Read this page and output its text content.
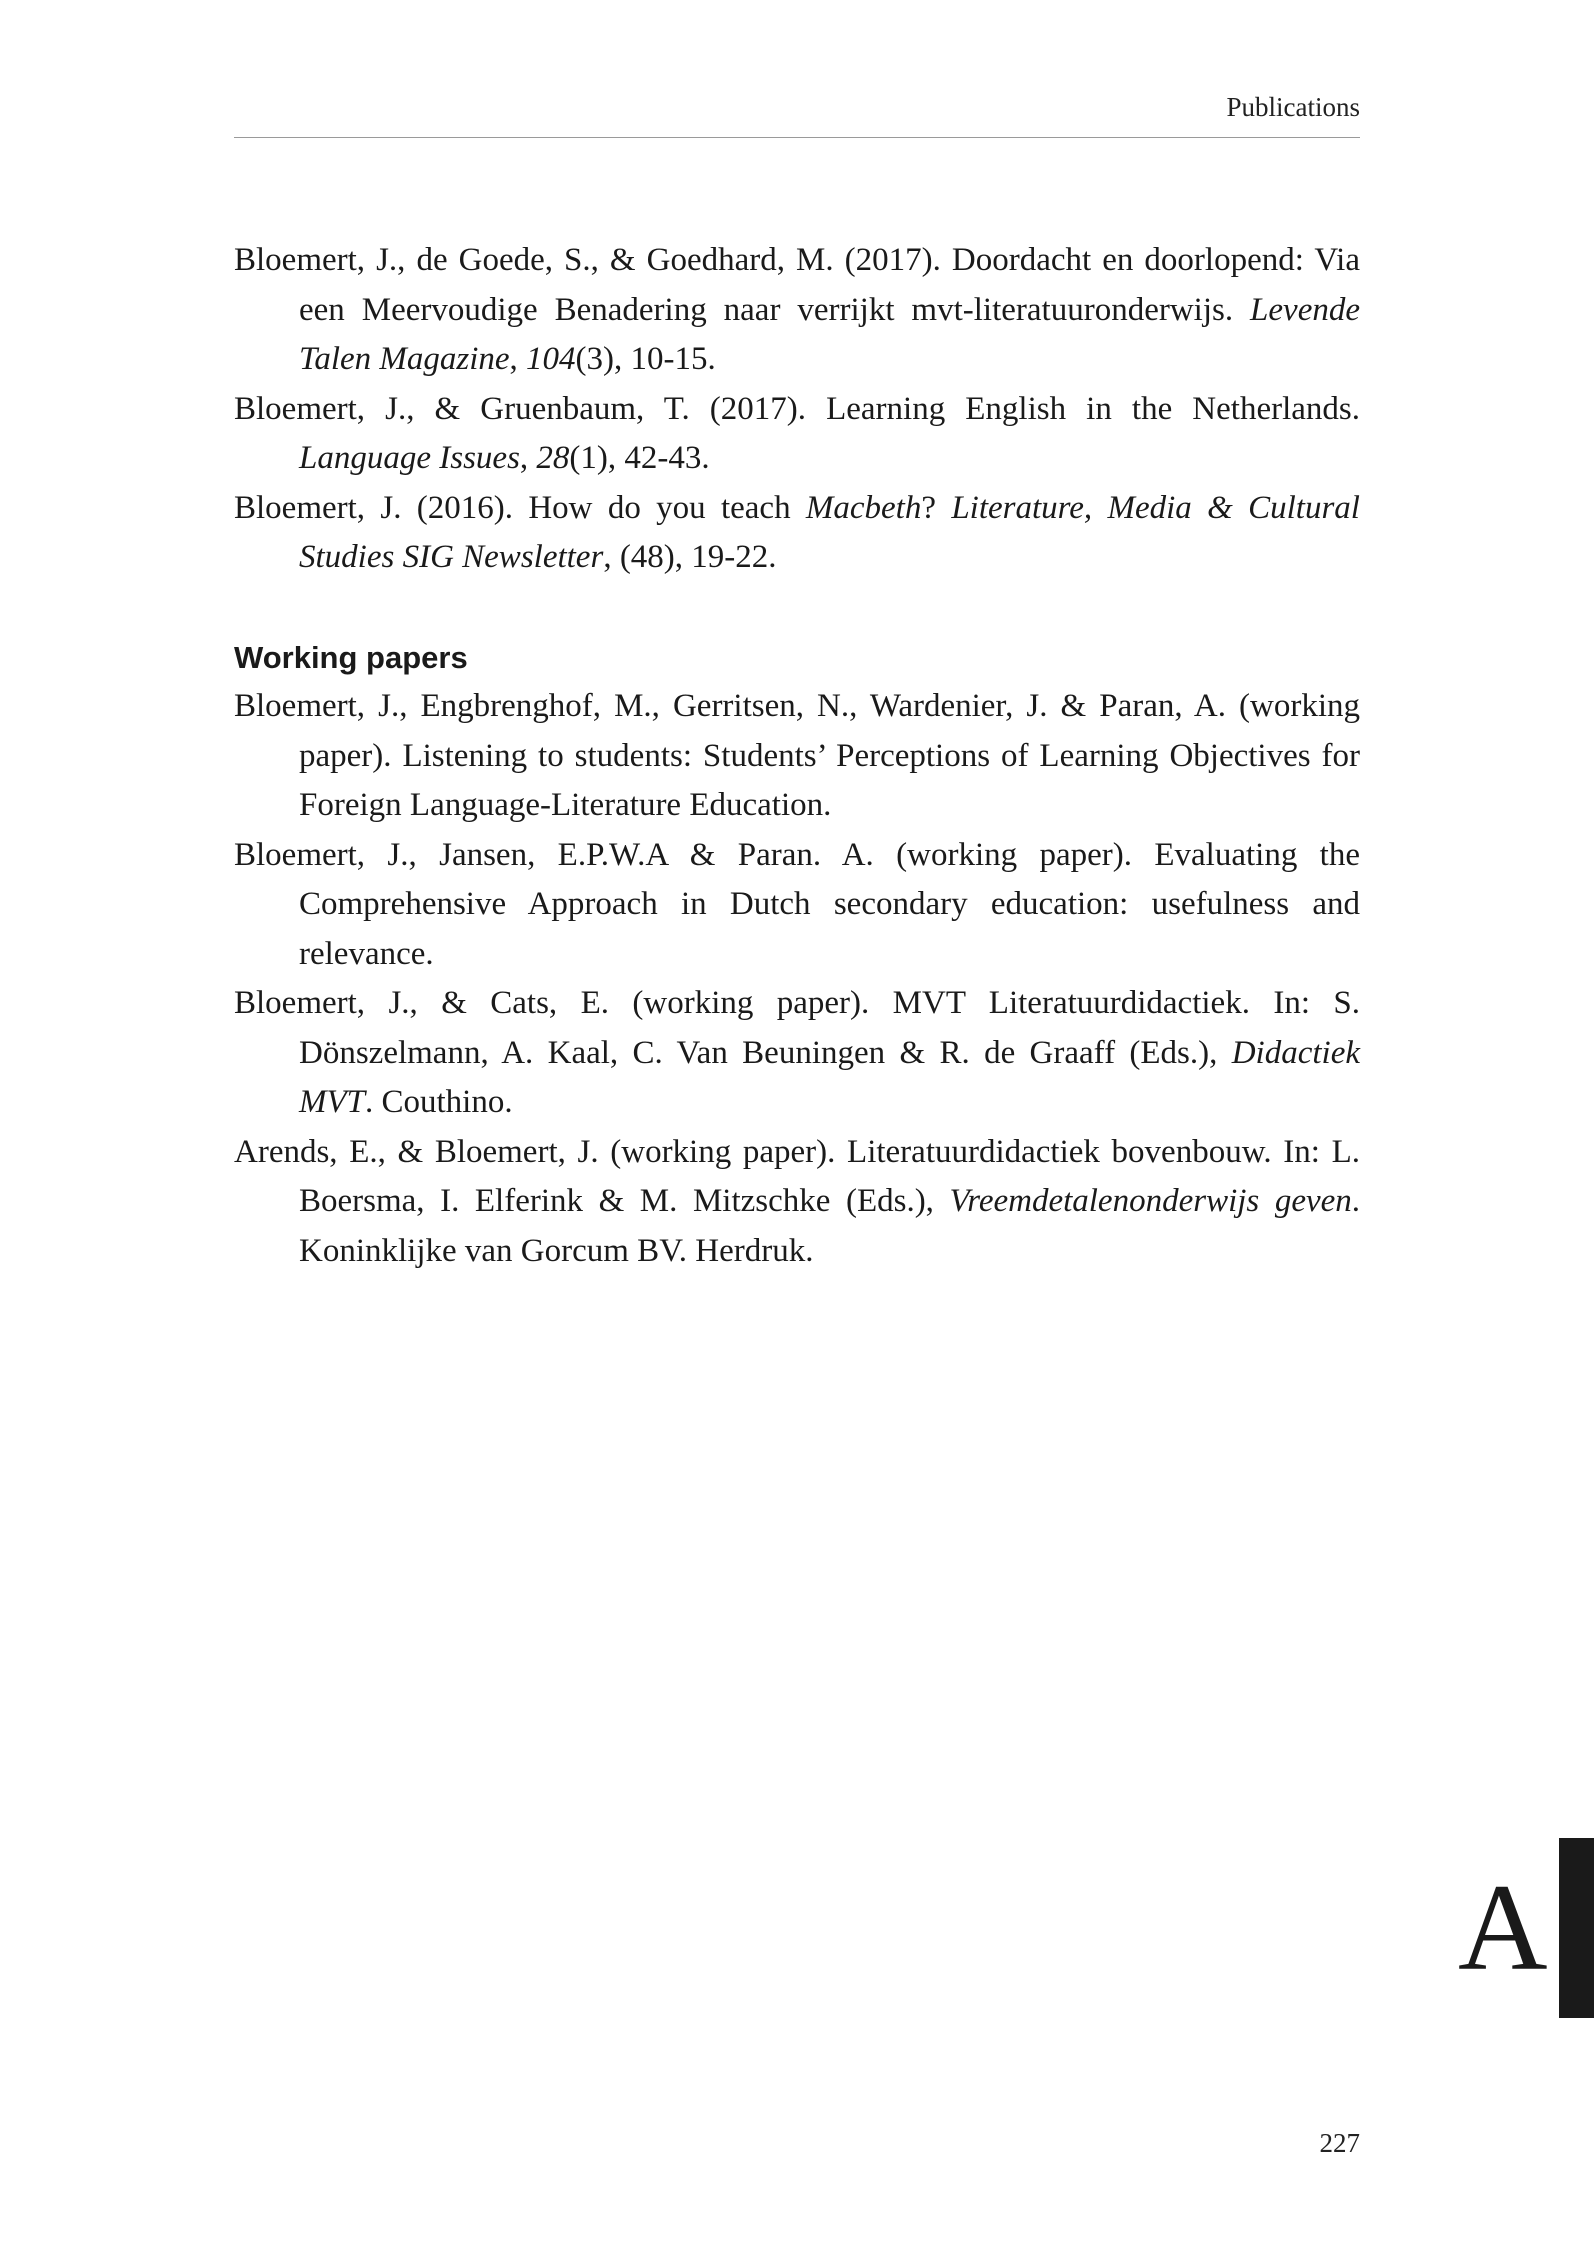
Publications

Bloemert, J., de Goede, S., & Goedhard, M. (2017). Doordacht en doorlopend: Via een Meervoudige Benadering naar verrijkt mvt-literatuuronderwijs. Levende Talen Magazine, 104(3), 10-15.

Bloemert, J., & Gruenbaum, T. (2017). Learning English in the Netherlands. Language Issues, 28(1), 42-43.

Bloemert, J. (2016). How do you teach Macbeth? Literature, Media & Cultural Studies SIG Newsletter, (48), 19-22.

Working papers

Bloemert, J., Engbrenghof, M., Gerritsen, N., Wardenier, J. & Paran, A. (working paper). Listening to students: Students’ Perceptions of Learning Objectives for Foreign Language-Literature Education.

Bloemert, J., Jansen, E.P.W.A & Paran. A. (working paper). Evaluating the Comprehensive Approach in Dutch secondary education: usefulness and relevance.

Bloemert, J., & Cats, E. (working paper). MVT Literatuurdidactiek. In: S. Dönszelmann, A. Kaal, C. Van Beuningen & R. de Graaff (Eds.), Didactiek MVT. Couthino.

Arends, E., & Bloemert, J. (working paper). Literatuurdidactiek bovenbouw. In: L. Boersma, I. Elferink & M. Mitzschke (Eds.), Vreemdetalenonderwijs geven. Koninklijke van Gorcum BV. Herdruk.

A
227
